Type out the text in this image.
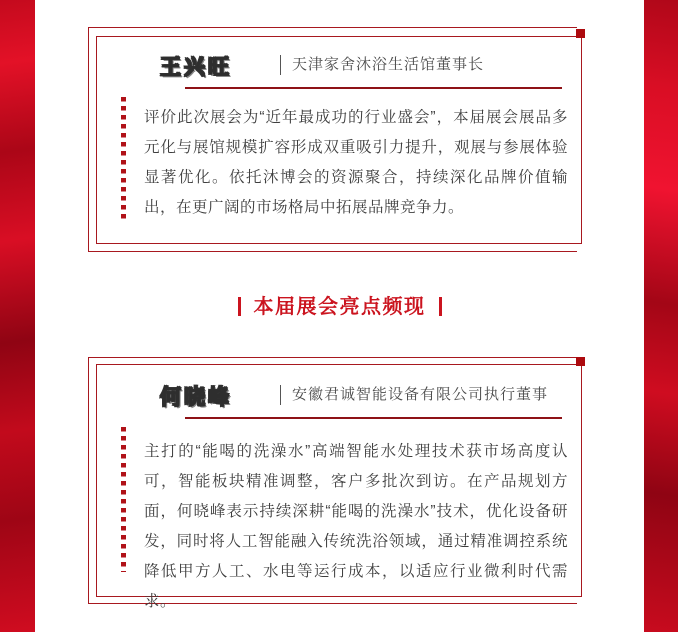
王兴旺	天津家舍沐浴生活馆董事长
评价此次展会为“近年最成功的行业盛会”，本届展会展品多元化与展馆规模扩容形成双重吸引力提升，观展与参展体验显著优化。依托沐博会的资源聚合，持续深化品牌价值输出，在更广阔的市场格局中拓展品牌竞争力。
本届展会亮点频现
何晓峰	安徽君诚智能设备有限公司执行董事
主打的“能喝的洗澡水”高端智能水处理技术获市场高度认可，智能板块精准调整，客户多批次到访。在产品规划方面，何晓峰表示持续深耕“能喝的洗澡水”技术，优化设备研发，同时将人工智能融入传统洗浴领域，通过精准调控系统降低甲方人工、水电等运行成本，以适应行业微利时代需求。
